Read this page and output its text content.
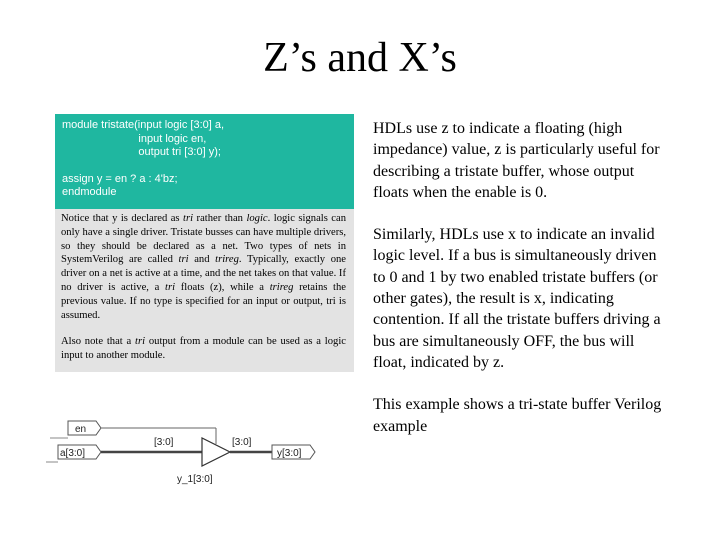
Z’s and X’s
module tristate(input logic [3:0] a,
input logic en,
output tri [3:0] y);
assign y = en ? a : 4'bz;
endmodule

Notice that y is declared as tri rather than logic. logic signals can only have a single driver. Tristate busses can have multiple drivers, so they should be declared as a net. Two types of nets in SystemVerilog are called tri and trireg. Typically, exactly one driver on a net is active at a time, and the net takes on that value. If no driver is active, a tri floats (z), while a trireg retains the previous value. If no type is specified for an input or output, tri is assumed.

Also note that a tri output from a module can be used as a logic input to another module.

HDLs use z to indicate a floating (high impedance) value, z is particularly useful for describing a tristate buffer, whose output floats when the enable is 0.

Similarly, HDLs use x to indicate an invalid logic level. If a bus is simultaneously driven to 0 and 1 by two enabled tristate buffers (or other gates), the result is x, indicating contention. If all the tristate buffers driving a bus are simultaneously OFF, the bus will float, indicated by z.

This example shows a tri-state buffer Verilog example

en
a[3:0]
[3:0]	[3:0]
y[3:0]
y_1[3:0]
